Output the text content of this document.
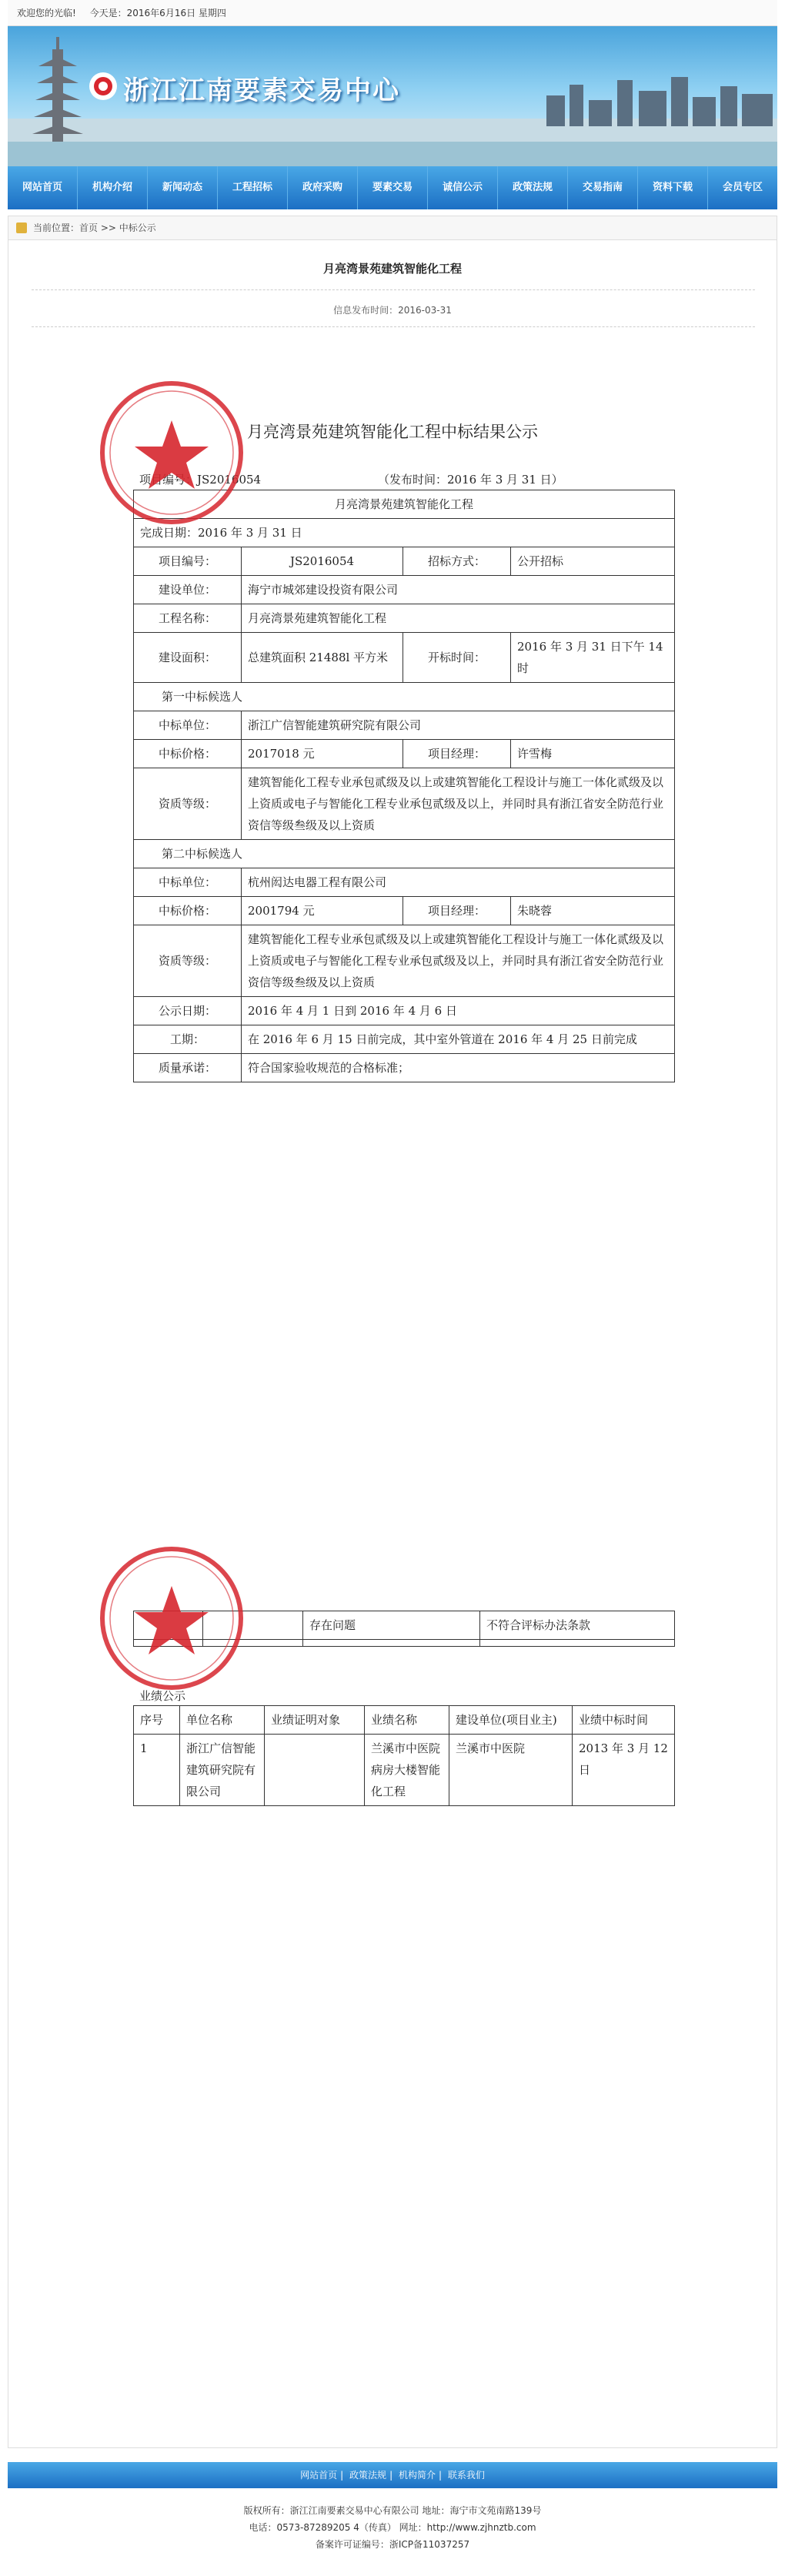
欢迎您的光临! 今天是：2016年6月16日 星期四
浙江江南要素交易中心
网站首页	机构介绍	新闻动态	工程招标	政府采购	要素交易	诚信公示	政策法规	交易指南	资料下载	会员专区
当前位置：首页 >> 中标公示
月亮湾景苑建筑智能化工程
信息发布时间：2016-03-31
月亮湾景苑建筑智能化工程中标结果公示
项目编号：JS2016054	（发布时间：2016 年 3 月 31 日）
月亮湾景苑建筑智能化工程			
完成日期：2016 年 3 月 31 日			
项目编号：	JS2016054	招标方式：	公开招标
建设单位：	海宁市城郊建设投资有限公司		
工程名称：	月亮湾景苑建筑智能化工程		
建设面积：	总建筑面积 21488l 平方米	开标时间：	2016 年 3 月 31 日下午 14 时
第一中标候选人			
中标单位：	浙江广信智能建筑研究院有限公司		
中标价格：	2017018 元	项目经理：	许雪梅
资质等级：	建筑智能化工程专业承包贰级及以上或建筑智能化工程设计与施工一体化贰级及以上资质或电子与智能化工程专业承包贰级及以上，并同时具有浙江省安全防范行业资信等级叁级及以上资质		
第二中标候选人			
中标单位：	杭州闳达电器工程有限公司		
中标价格：	2001794 元	项目经理：	朱晓蓉
资质等级：	建筑智能化工程专业承包贰级及以上或建筑智能化工程设计与施工一体化贰级及以上资质或电子与智能化工程专业承包贰级及以上，并同时具有浙江省安全防范行业资信等级叁级及以上资质		
公示日期：	2016 年 4 月 1 日到 2016 年 4 月 6 日		
工期：	在 2016 年 6 月 15 日前完成，其中室外管道在 2016 年 4 月 25 日前完成		
质量承诺：	符合国家验收规范的合格标准；		
		存在问题	不符合评标办法条款

业绩公示
序号	单位名称	业绩证明对象	业绩名称	建设单位(项目业主)	业绩中标时间
1	浙江广信智能建筑研究院有限公司		兰溪市中医院病房大楼智能化工程	兰溪市中医院	2013 年 3 月 12 日
网站首页 | 政策法规 | 机构简介 | 联系我们
版权所有：浙江江南要素交易中心有限公司 地址：海宁市文苑南路139号
电话：0573-87289205 4（传真） 网址：http://www.zjhnztb.com
备案许可证编号：浙ICP备11037257
